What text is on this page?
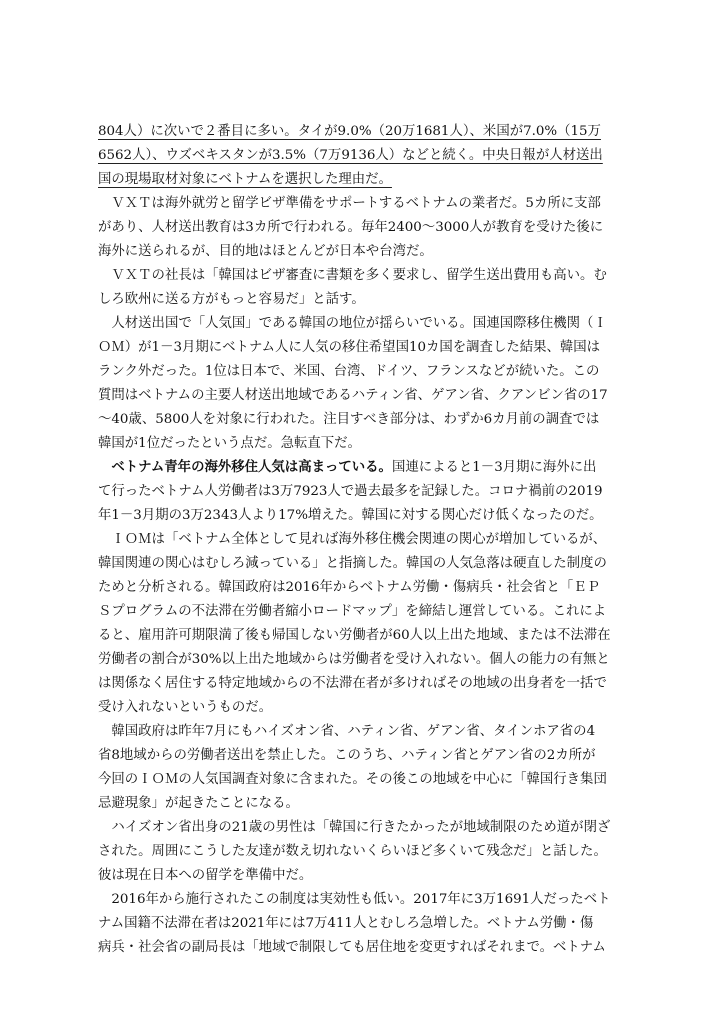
804人）に次いで２番目に多い。タイが9.0%（20万1681人）、米国が7.0%（15万
6562人）、ウズベキスタンが3.5%（7万9136人）などと続く。中央日報が人材送出
国の現場取材対象にベトナムを選択した理由だ。
　ＶＸＴは海外就労と留学ビザ準備をサポートするベトナムの業者だ。5カ所に支部
があり、人材送出教育は3カ所で行われる。毎年2400～3000人が教育を受けた後に
海外に送られるが、目的地はほとんどが日本や台湾だ。
　ＶＸＴの社長は「韓国はビザ審査に書類を多く要求し、留学生送出費用も高い。む
しろ欧州に送る方がもっと容易だ」と話す。
　人材送出国で「人気国」である韓国の地位が揺らいでいる。国連国際移住機関（Ｉ
ＯＭ）が1－3月期にベトナム人に人気の移住希望国10カ国を調査した結果、韓国は
ランク外だった。1位は日本で、米国、台湾、ドイツ、フランスなどが続いた。この
質問はベトナムの主要人材送出地域であるハティン省、ゲアン省、クアンビン省の17
～40歳、5800人を対象に行われた。注目すべき部分は、わずか6カ月前の調査では
韓国が1位だったという点だ。急転直下だ。
　ベトナム青年の海外移住人気は高まっている。国連によると1－3月期に海外に出
て行ったベトナム人労働者は3万7923人で過去最多を記録した。コロナ禍前の2019
年1－3月期の3万2343人より17%増えた。韓国に対する関心だけ低くなったのだ。
　ＩＯＭは「ベトナム全体として見れば海外移住機会関連の関心が増加しているが、
韓国関連の関心はむしろ減っている」と指摘した。韓国の人気急落は硬直した制度の
ためと分析される。韓国政府は2016年からベトナム労働・傷病兵・社会省と「ＥＰ
Ｓプログラムの不法滞在労働者縮小ロードマップ」を締結し運営している。これによ
ると、雇用許可期限満了後も帰国しない労働者が60人以上出た地域、または不法滞在
労働者の割合が30%以上出た地域からは労働者を受け入れない。個人の能力の有無と
は関係なく居住する特定地域からの不法滞在者が多ければその地域の出身者を一括で
受け入れないというものだ。
　韓国政府は昨年7月にもハイズオン省、ハティン省、ゲアン省、タインホア省の4
省8地域からの労働者送出を禁止した。このうち、ハティン省とゲアン省の2カ所が
今回のＩＯＭの人気国調査対象に含まれた。その後この地域を中心に「韓国行き集団
忌避現象」が起きたことになる。
　ハイズオン省出身の21歳の男性は「韓国に行きたかったが地域制限のため道が閉ざ
された。周囲にこうした友達が数え切れないくらいほど多くいて残念だ」と話した。
彼は現在日本への留学を準備中だ。
　2016年から施行されたこの制度は実効性も低い。2017年に3万1691人だったベト
ナム国籍不法滞在者は2021年には7万411人とむしろ急増した。ベトナム労働・傷
病兵・社会省の副局長は「地域で制限しても居住地を変更すればそれまで。ベトナム
